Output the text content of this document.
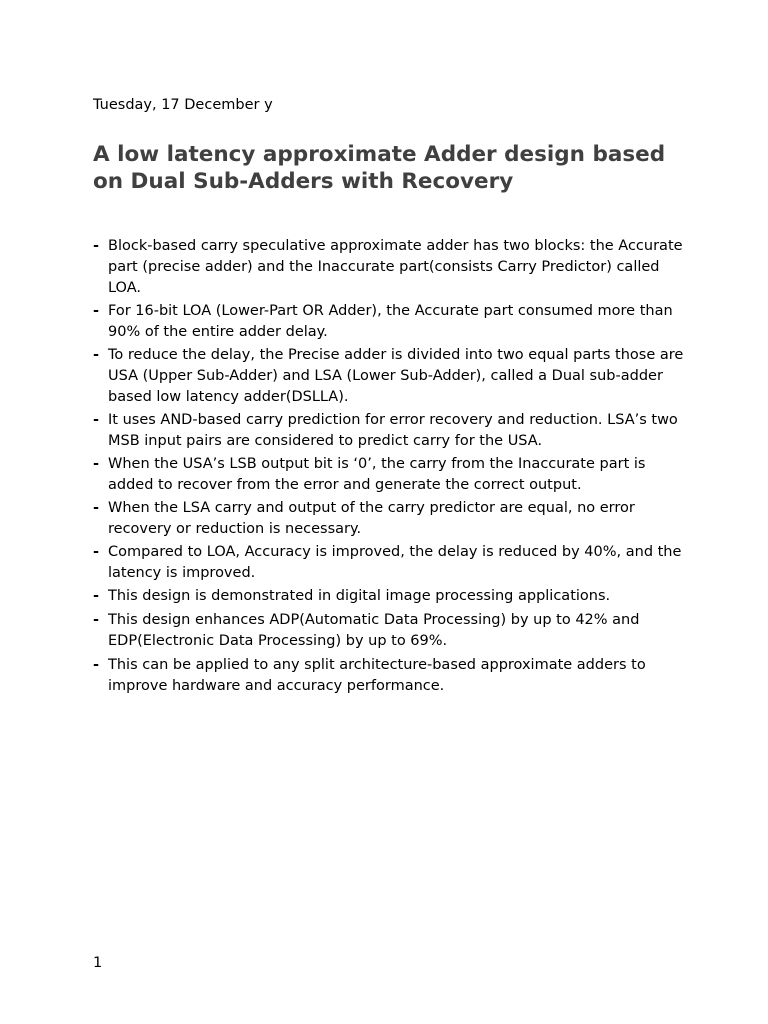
Tuesday, 17 December y
A low latency approximate Adder design based on Dual Sub-Adders with Recovery
- Block-based carry speculative approximate adder has two blocks: the Accurate part (precise adder) and the Inaccurate part(consists Carry Predictor) called LOA.
- For 16-bit LOA (Lower-Part OR Adder), the Accurate part consumed more than 90% of the entire adder delay.
- To reduce the delay, the Precise adder is divided into two equal parts those are USA (Upper Sub-Adder) and LSA (Lower Sub-Adder), called a Dual sub-adder based low latency adder(DSLLA).
- It uses AND-based carry prediction for error recovery and reduction. LSA’s two MSB input pairs are considered to predict carry for the USA.
- When the USA’s LSB output bit is ‘0’, the carry from the Inaccurate part is added to recover from the error and generate the correct output.
- When the LSA carry and output of the carry predictor are equal, no error recovery or reduction is necessary.
- Compared to LOA, Accuracy is improved, the delay is reduced by 40%, and the latency is improved.
- This design is demonstrated in digital image processing applications.
- This design enhances ADP(Automatic Data Processing) by up to 42% and EDP(Electronic Data Processing) by up to 69%.
- This can be applied to any split architecture-based approximate adders to improve hardware and accuracy performance.
1
